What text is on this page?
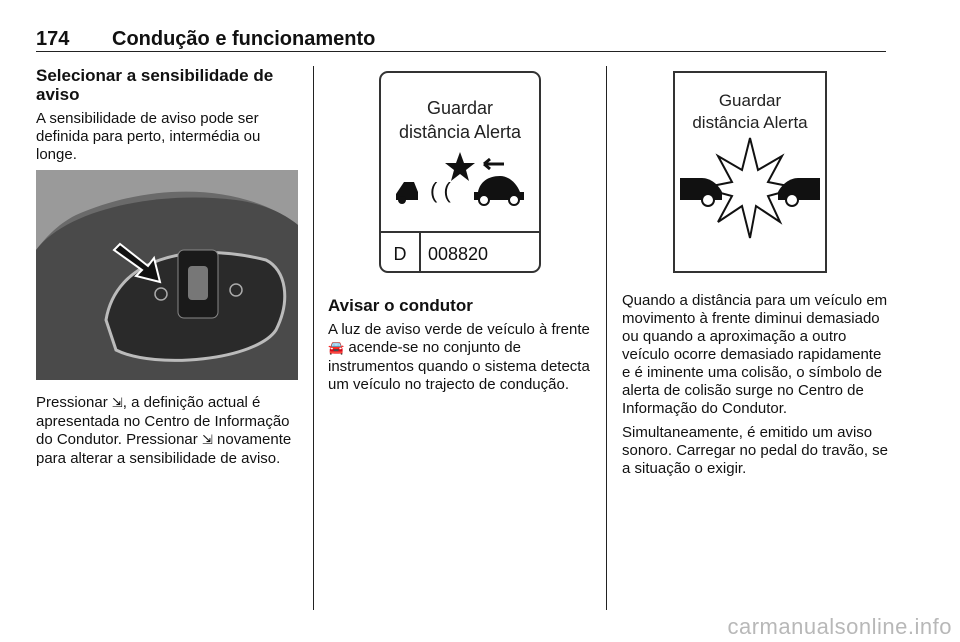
174 Condução e funcionamento
Selecionar a sensibilidade de aviso

A sensibilidade de aviso pode ser definida para perto, intermédia ou longe.

Pressionar ⇲, a definição actual é apresentada no Centro de Informação do Condutor. Pressionar ⇲ novamente para alterar a sensibilidade de aviso.

Guardar
distância Alerta
( (
D 008820
Avisar o condutor

A luz de aviso verde de veículo à frente 🚘 acende-se no conjunto de instrumentos quando o sistema detecta um veículo no trajecto de condução.

Guardar
distância Alerta

Quando a distância para um veículo em movimento à frente diminui demasiado ou quando a aproximação a outro veículo ocorre demasiado rapidamente e é iminente uma colisão, o símbolo de alerta de colisão surge no Centro de Informação do Condutor.

Simultaneamente, é emitido um aviso sonoro. Carregar no pedal do travão, se a situação o exigir.

carmanualsonline.info
